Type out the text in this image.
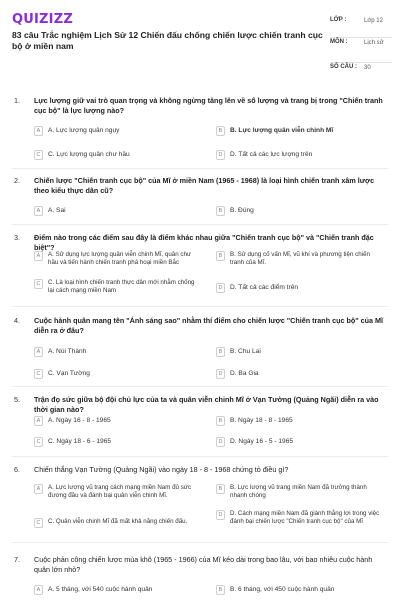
QUIZIZZ
83 câu Trắc nghiệm Lịch Sử 12 Chiến đấu chống chiến lược chiến tranh cục bộ ở miền nam
LỚP :	Lớp 12
MÔN :	Lịch sử
SỐ CÂU : 30
1. Lực lượng giữ vai trò quan trọng và không ngừng tăng lên về số lượng và trang bị trong "Chiến tranh cục bộ" là lực lượng nào?
A	A. Lực lượng quân ngụy	B	B. Lực lượng quân viễn chinh Mĩ
C	C. Lực lượng quân chư hầu	D	D. Tất cả các lực lượng trên
2. Chiến lược "Chiến tranh cục bộ" của Mĩ ở miền Nam (1965 - 1968) là loại hình chiến tranh xâm lược theo kiểu thực dân cũ?
A	A. Sai	B	B. Đúng
3. Điểm nào trong các điểm sau đây là điểm khác nhau giữa "Chiến tranh cục bộ" và "Chiến tranh đặc biệt"?
A	A. Sử dụng lực lượng quân viễn chinh Mĩ, quân chư hầu và tiến hành chiến tranh phá hoại miền Bắc
B	B. Sử dụng cố vấn Mĩ, vũ khí và phương tiện chiến tranh của Mĩ.
C	C. Là loại hình chiến tranh thực dân mới nhằm chống lại cách mạng miền Nam	D	D. Tất cả các điểm trên
4. Cuộc hành quân mang tên "Ánh sáng sao" nhằm thí điểm cho chiến lược "Chiến tranh cục bộ" của Mĩ diễn ra ở đâu?
A	A. Núi Thành	B	B. Chu Lai
C	C. Vạn Tường	D	D. Ba Gia
5. Trận đọ sức giữa bộ đội chủ lực của ta và quân viễn chinh Mĩ ở Vạn Tường (Quảng Ngãi) diễn ra vào thời gian nào?
A	A. Ngày 16 - 8 - 1965	B	B. Ngày 18 - 8 - 1965
C	C. Ngày 18 - 6 - 1965	D	D. Ngày 16 - 5 - 1965
6. Chiến thắng Vạn Tường (Quảng Ngãi) vào ngày 18 - 8 - 1968 chứng tỏ điều gì?
A	A. Lực lượng vũ trang cách mạng miền Nam đủ sức đương đầu và đánh bại quân viễn chinh Mĩ.
B	B. Lực lượng vũ trang miền Nam đã trưởng thành nhanh chóng
C	C. Quân viễn chinh Mĩ đã mất khả năng chiến đấu.
D	D. Cách mạng miền Nam đã giành thắng lợi trong việc đánh bại chiến lược "Chiến tranh cục bộ" của Mĩ
7. Cuộc phản công chiến lược mùa khô (1965 - 1966) của Mĩ kéo dài trong bao lâu, với bao nhiêu cuộc hành quân lớn nhỏ?
A	A. 5 tháng, với 540 cuộc hành quân	B	B. 6 tháng, với 450 cuộc hành quân
